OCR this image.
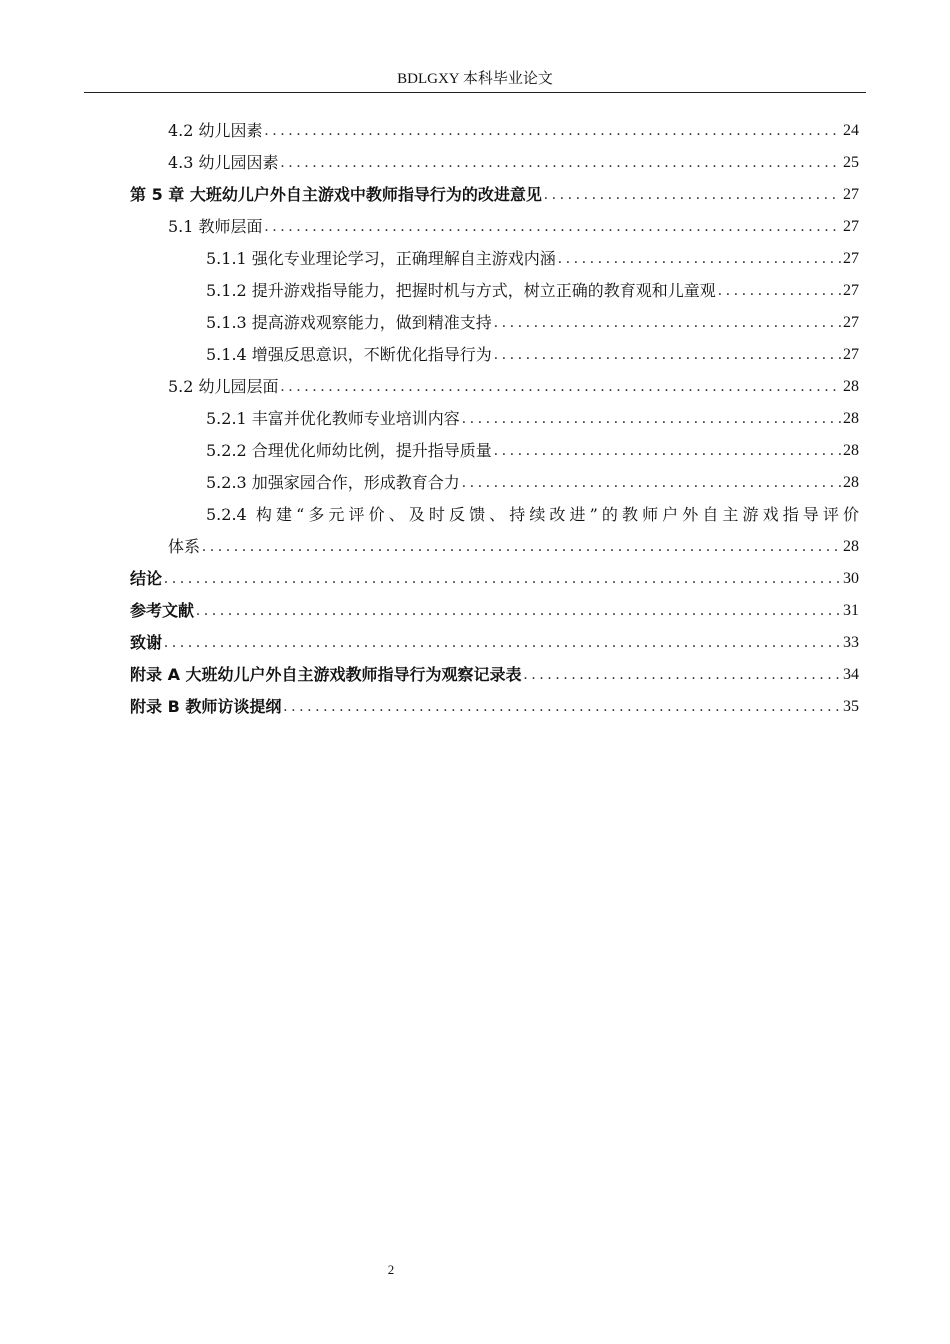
BDLGXY 本科毕业论文
4.2 幼儿因素 . . .	24
4.3 幼儿园因素 . . .	25
第 5 章 大班幼儿户外自主游戏中教师指导行为的改进意见 . . .	27
5.1 教师层面 . . .	27
5.1.1 强化专业理论学习，正确理解自主游戏内涵 . . .	27
5.1.2 提升游戏指导能力，把握时机与方式，树立正确的教育观和儿童观 . . .	27
5.1.3 提高游戏观察能力，做到精准支持 . . .	27
5.1.4 增强反思意识，不断优化指导行为 . . .	27
5.2 幼儿园层面 . . .	28
5.2.1 丰富并优化教师专业培训内容 . . .	28
5.2.2 合理优化师幼比例，提升指导质量 . . .	28
5.2.3 加强家园合作，形成教育合力 . . .	28
5.2.4 构建“多元评价、及时反馈、持续改进”的教师户外自主游戏指导评价
体系 . . .	28
结论 . . .	30
参考文献 . . .	31
致谢 . . .	33
附录 A 大班幼儿户外自主游戏教师指导行为观察记录表 . . .	34
附录 B 教师访谈提纲 . . .	35
2
